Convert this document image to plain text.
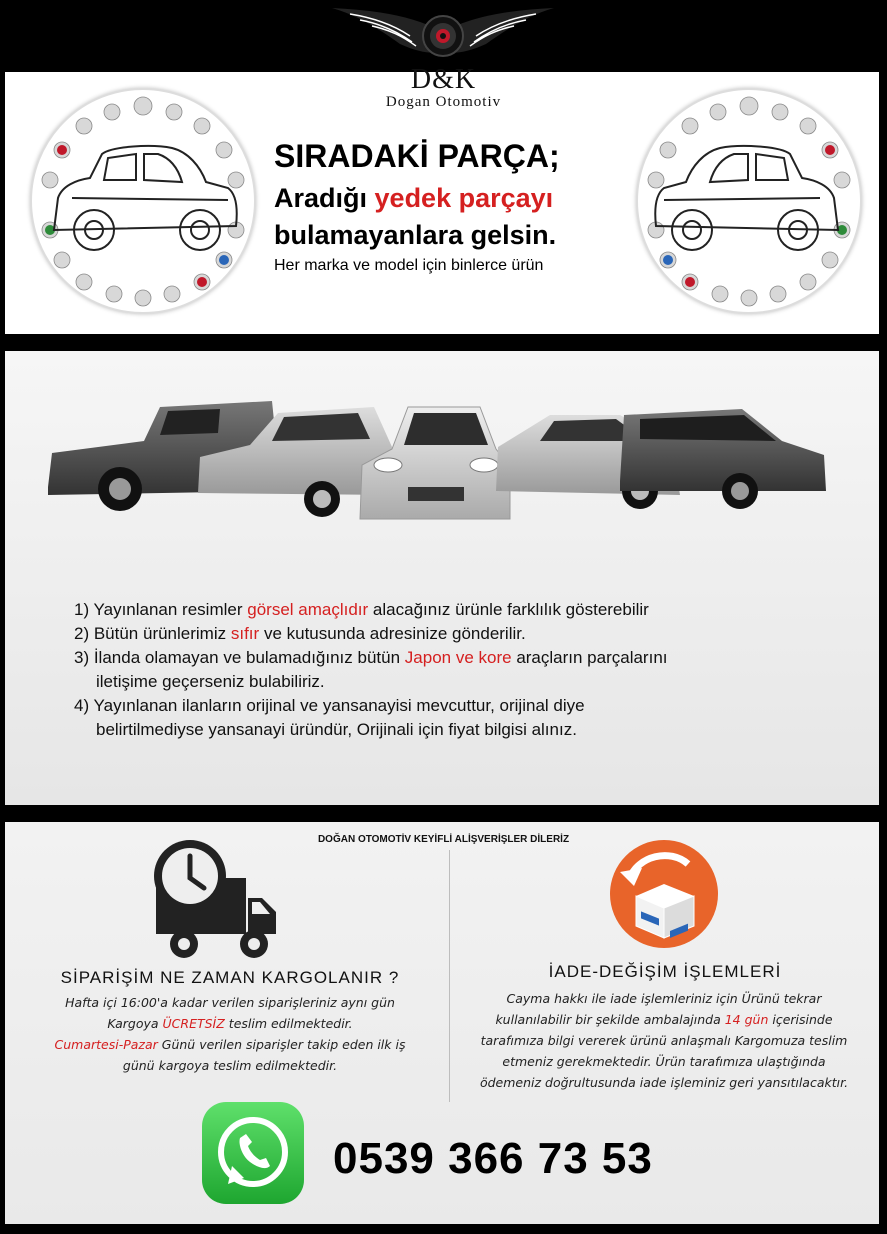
D&K
Dogan Otomotiv
SIRADAKİ PARÇA;
Aradığı yedek parçayı
bulamayanlara gelsin.
Her marka ve model için binlerce ürün

1) Yayınlanan resimler görsel amaçlıdır alacağınız ürünle farklılık gösterebilir

2) Bütün ürünlerimiz sıfır ve kutusunda adresinize gönderilir.

3) İlanda olamayan ve bulamadığınız bütün Japon ve kore araçların parçalarını
iletişime geçerseniz bulabiliriz.

4) Yayınlanan ilanların orijinal ve yansanayisi mevcuttur, orijinal diye
belirtilmediyse yansanayi üründür, Orijinali için fiyat bilgisi alınız.

DOĞAN OTOMOTİV KEYİFLİ ALİŞVERİŞLER DİLERİZ
SİPARİŞİM NE ZAMAN KARGOLANIR ?
Hafta içi 16:00'a kadar verilen siparişleriniz aynı gün
Kargoya ÜCRETSİZ teslim edilmektedir.
Cumartesi-Pazar Günü verilen siparişler takip eden ilk iş
günü kargoya teslim edilmektedir.
İADE-DEĞİŞİM İŞLEMLERİ
Cayma hakkı ile iade işlemleriniz için Ürünü tekrar
kullanılabilir bir şekilde ambalajında 14 gün içerisinde
tarafımıza bilgi vererek ürünü anlaşmalı Kargomuza teslim
etmeniz gerekmektedir. Ürün tarafımıza ulaştığında
ödemeniz doğrultusunda iade işleminiz geri yansıtılacaktır.
0539 366 73 53
